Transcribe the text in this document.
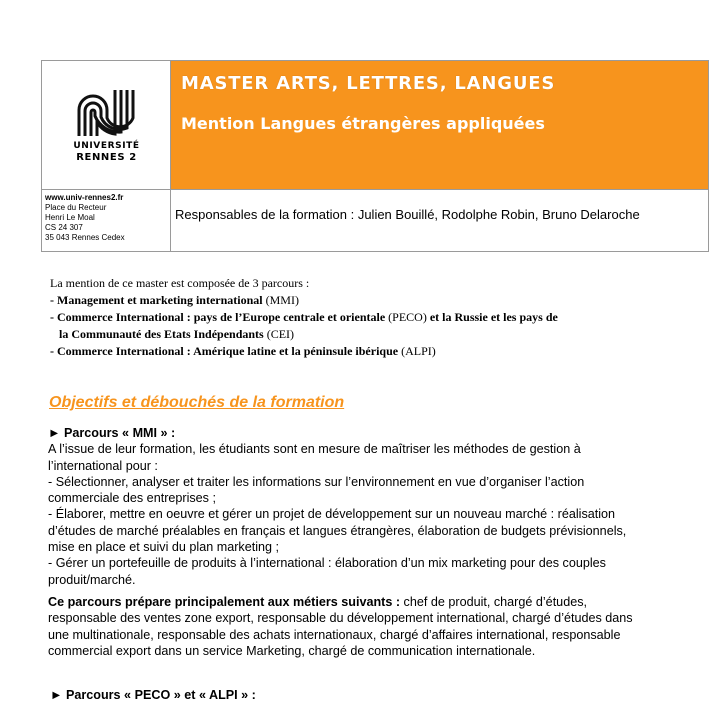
UNIVERSITÉ
RENNES 2
MASTER ARTS, LETTRES, LANGUES
Mention Langues étrangères appliquées
www.univ-rennes2.fr
Place du Recteur
Henri Le Moal
CS 24 307
35 043 Rennes Cedex
Responsables de la formation : Julien Bouillé, Rodolphe Robin, Bruno Delaroche
La mention de ce master est composée de 3 parcours :
- Management et marketing international (MMI)
- Commerce International : pays de l’Europe centrale et orientale (PECO) et la Russie et les pays de
la Communauté des Etats Indépendants (CEI)
- Commerce International : Amérique latine et la péninsule ibérique (ALPI)
Objectifs et débouchés de la formation

► Parcours « MMI » :

A l’issue de leur formation, les étudiants sont en mesure de maîtriser les méthodes de gestion à

l’international pour :

- Sélectionner, analyser et traiter les informations sur l’environnement en vue d’organiser l’action

commerciale des entreprises ;

- Élaborer, mettre en oeuvre et gérer un projet de développement sur un nouveau marché : réalisation

d’études de marché préalables en français et langues étrangères, élaboration de budgets prévisionnels,

mise en place et suivi du plan marketing ;

- Gérer un portefeuille de produits à l’international : élaboration d’un mix marketing pour des couples

produit/marché.

Ce parcours prépare principalement aux métiers suivants : chef de produit, chargé d’études,

responsable des ventes zone export, responsable du développement international, chargé d’études dans

une multinationale, responsable des achats internationaux, chargé d’affaires international, responsable

commercial export dans un service Marketing, chargé de communication internationale.

► Parcours « PECO » et « ALPI » :
